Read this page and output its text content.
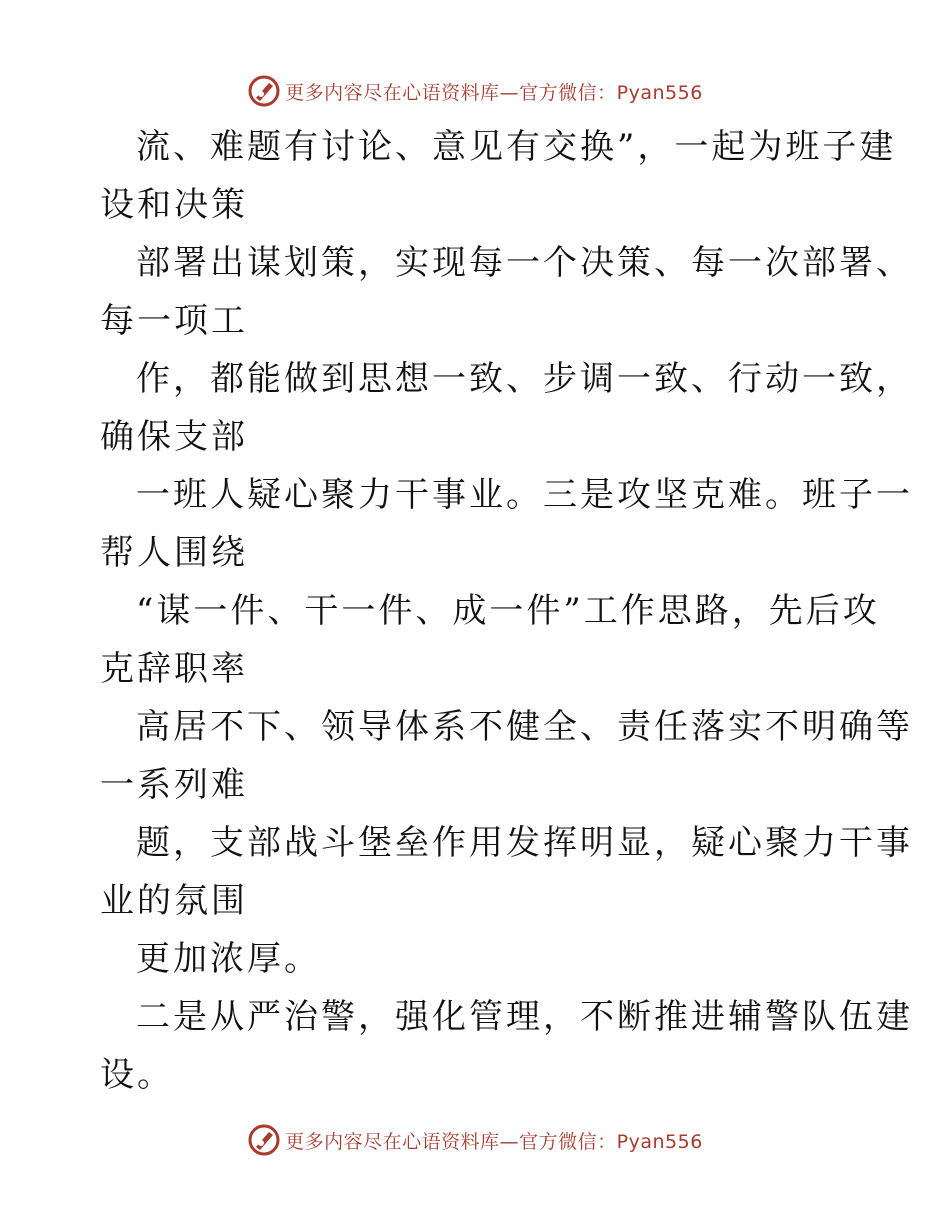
更多内容尽在心语资料库—官方微信：Pyan556
流、难题有讨论、意见有交换”，一起为班子建
设和决策
部署出谋划策，实现每一个决策、每一次部署、
每一项工
作，都能做到思想一致、步调一致、行动一致，
确保支部
一班人疑心聚力干事业。三是攻坚克难。班子一
帮人围绕
“谋一件、干一件、成一件”工作思路，先后攻
克辞职率
高居不下、领导体系不健全、责任落实不明确等
一系列难
题，支部战斗堡垒作用发挥明显，疑心聚力干事
业的氛围
更加浓厚。
二是从严治警，强化管理，不断推进辅警队伍建
设。
更多内容尽在心语资料库—官方微信：Pyan556
